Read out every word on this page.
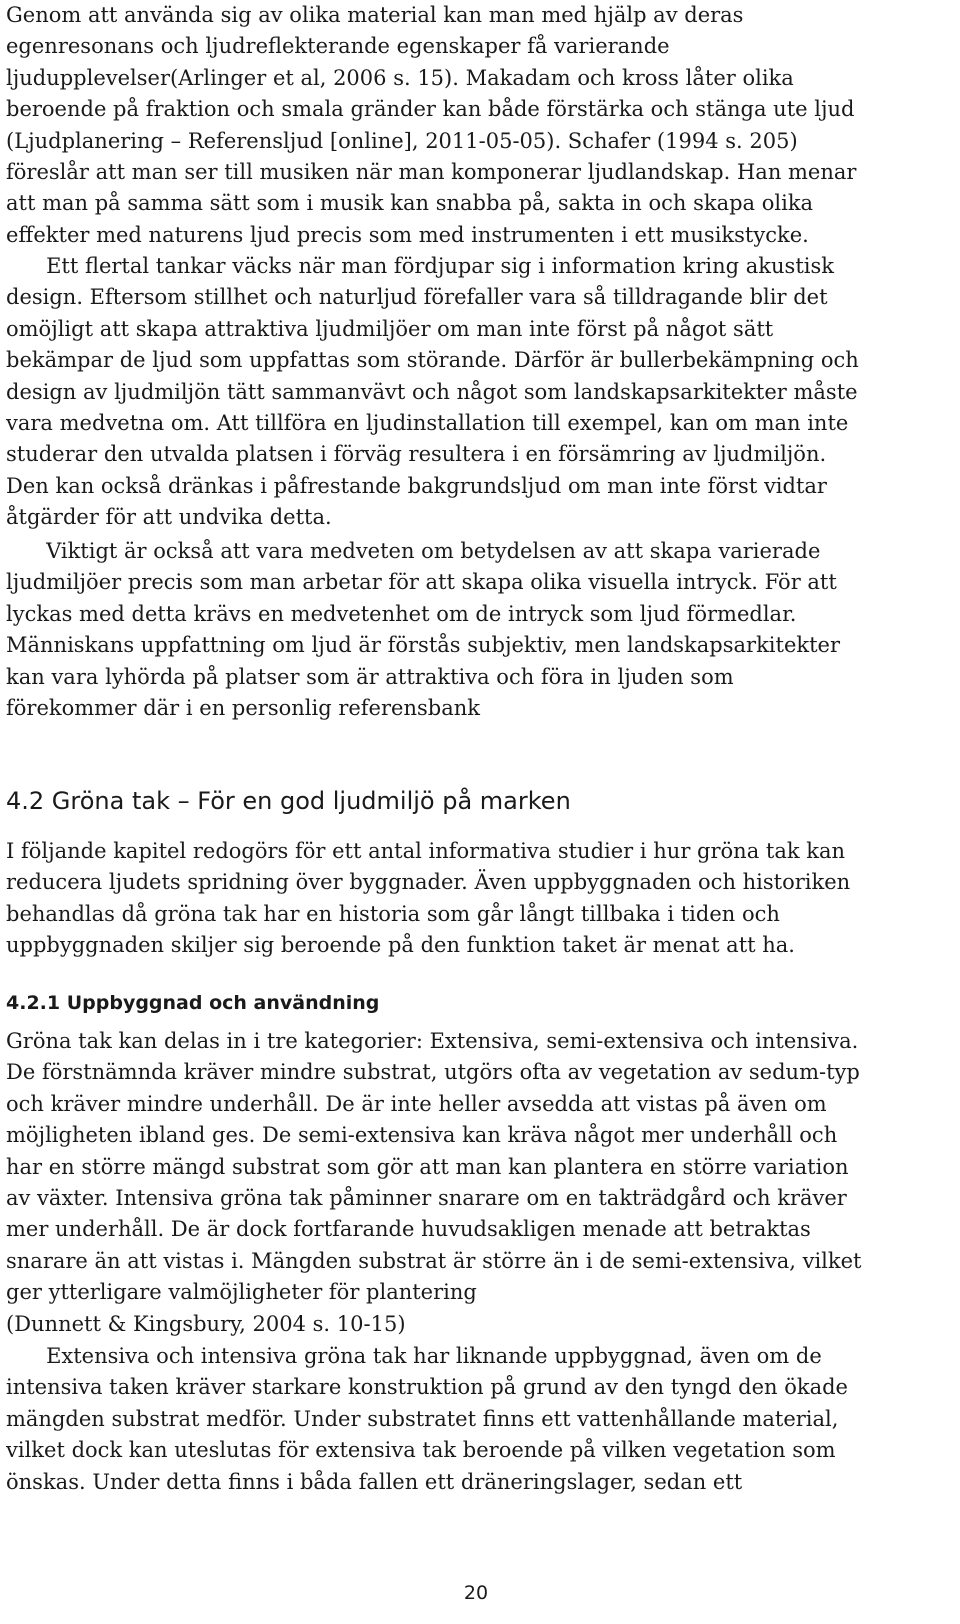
Genom att använda sig av olika material kan man med hjälp av deras
egenresonans och ljudreflekterande egenskaper få varierande
ljudupplevelser(Arlinger et al, 2006 s. 15). Makadam och kross låter olika
beroende på fraktion och smala gränder kan både förstärka och stänga ute ljud
(Ljudplanering – Referensljud [online], 2011-05-05). Schafer (1994 s. 205)
föreslår att man ser till musiken när man komponerar ljudlandskap. Han menar
att man på samma sätt som i musik kan snabba på, sakta in och skapa olika
effekter med naturens ljud precis som med instrumenten i ett musikstycke.

Ett flertal tankar väcks när man fördjupar sig i information kring akustisk
design. Eftersom stillhet och naturljud förefaller vara så tilldragande blir det
omöjligt att skapa attraktiva ljudmiljöer om man inte först på något sätt
bekämpar de ljud som uppfattas som störande. Därför är bullerbekämpning och
design av ljudmiljön tätt sammanvävt och något som landskapsarkitekter måste
vara medvetna om. Att tillföra en ljudinstallation till exempel, kan om man inte
studerar den utvalda platsen i förväg resultera i en försämring av ljudmiljön.
Den kan också dränkas i påfrestande bakgrundsljud om man inte först vidtar
åtgärder för att undvika detta.

Viktigt är också att vara medveten om betydelsen av att skapa varierade
ljudmiljöer precis som man arbetar för att skapa olika visuella intryck. För att
lyckas med detta krävs en medvetenhet om de intryck som ljud förmedlar.
Människans uppfattning om ljud är förstås subjektiv, men landskapsarkitekter
kan vara lyhörda på platser som är attraktiva och föra in ljuden som
förekommer där i en personlig referensbank

4.2 Gröna tak – För en god ljudmiljö på marken

I följande kapitel redogörs för ett antal informativa studier i hur gröna tak kan
reducera ljudets spridning över byggnader. Även uppbyggnaden och historiken
behandlas då gröna tak har en historia som går långt tillbaka i tiden och
uppbyggnaden skiljer sig beroende på den funktion taket är menat att ha.

4.2.1 Uppbyggnad och användning

Gröna tak kan delas in i tre kategorier: Extensiva, semi-extensiva och intensiva.
De förstnämnda kräver mindre substrat, utgörs ofta av vegetation av sedum-typ
och kräver mindre underhåll. De är inte heller avsedda att vistas på även om
möjligheten ibland ges. De semi-extensiva kan kräva något mer underhåll och
har en större mängd substrat som gör att man kan plantera en större variation
av växter. Intensiva gröna tak påminner snarare om en takträdgård och kräver
mer underhåll. De är dock fortfarande huvudsakligen menade att betraktas
snarare än att vistas i. Mängden substrat är större än i de semi-extensiva, vilket
ger ytterligare valmöjligheter för plantering
(Dunnett & Kingsbury, 2004 s. 10-15)

Extensiva och intensiva gröna tak har liknande uppbyggnad, även om de
intensiva taken kräver starkare konstruktion på grund av den tyngd den ökade
mängden substrat medför. Under substratet finns ett vattenhållande material,
vilket dock kan uteslutas för extensiva tak beroende på vilken vegetation som
önskas. Under detta finns i båda fallen ett dräneringslager, sedan ett

20
